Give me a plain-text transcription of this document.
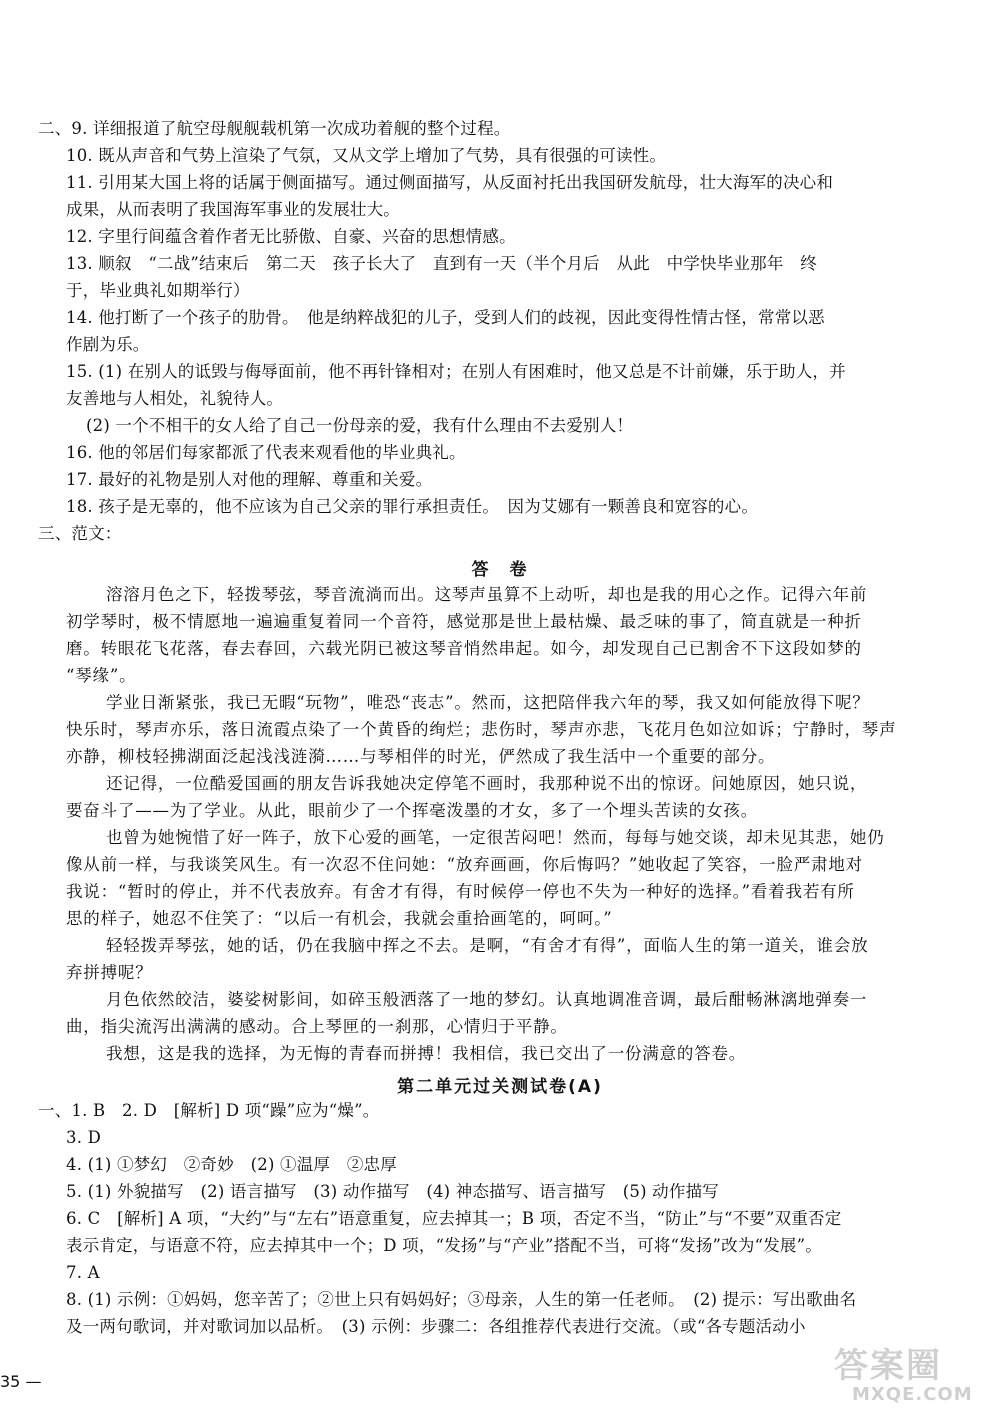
二、9. 详细报道了航空母舰舰载机第一次成功着舰的整个过程。
10. 既从声音和气势上渲染了气氛，又从文学上增加了气势，具有很强的可读性。
11. 引用某大国上将的话属于侧面描写。通过侧面描写，从反面衬托出我国研发航母，壮大海军的决心和
成果，从而表明了我国海军事业的发展壮大。
12. 字里行间蕴含着作者无比骄傲、自豪、兴奋的思想情感。
13. 顺叙　“二战”结束后　第二天　孩子长大了　直到有一天（半个月后　从此　中学快毕业那年　终
于，毕业典礼如期举行）
14. 他打断了一个孩子的肋骨。　他是纳粹战犯的儿子，受到人们的歧视，因此变得性情古怪，常常以恶
作剧为乐。
15. (1) 在别人的诋毁与侮辱面前，他不再针锋相对；在别人有困难时，他又总是不计前嫌，乐于助人，并
友善地与人相处，礼貌待人。
(2) 一个不相干的女人给了自己一份母亲的爱，我有什么理由不去爱别人！
16. 他的邻居们每家都派了代表来观看他的毕业典礼。
17. 最好的礼物是别人对他的理解、尊重和关爱。
18. 孩子是无辜的，他不应该为自己父亲的罪行承担责任。　因为艾娜有一颗善良和宽容的心。
三、范文：
答　卷
溶溶月色之下，轻拨琴弦，琴音流淌而出。这琴声虽算不上动听，却也是我的用心之作。记得六年前
初学琴时，极不情愿地一遍遍重复着同一个音符，感觉那是世上最枯燥、最乏味的事了，简直就是一种折
磨。转眼花飞花落，春去春回，六载光阴已被这琴音悄然串起。如今，却发现自己已割舍不下这段如梦的
“琴缘”。
学业日渐紧张，我已无暇“玩物”，唯恐“丧志”。然而，这把陪伴我六年的琴，我又如何能放得下呢？
快乐时，琴声亦乐，落日流霞点染了一个黄昏的绚烂；悲伤时，琴声亦悲，飞花月色如泣如诉；宁静时，琴声
亦静，柳枝轻拂湖面泛起浅浅涟漪……与琴相伴的时光，俨然成了我生活中一个重要的部分。
还记得，一位酷爱国画的朋友告诉我她决定停笔不画时，我那种说不出的惊讶。问她原因，她只说，
要奋斗了——为了学业。从此，眼前少了一个挥毫泼墨的才女，多了一个埋头苦读的女孩。
也曾为她惋惜了好一阵子，放下心爱的画笔，一定很苦闷吧！然而，每每与她交谈，却未见其悲，她仍
像从前一样，与我谈笑风生。有一次忍不住问她：“放弃画画，你后悔吗？”她收起了笑容，一脸严肃地对
我说：“暂时的停止，并不代表放弃。有舍才有得，有时候停一停也不失为一种好的选择。”看着我若有所
思的样子，她忍不住笑了：“以后一有机会，我就会重拾画笔的，呵呵。”
轻轻拨弄琴弦，她的话，仍在我脑中挥之不去。是啊，“有舍才有得”，面临人生的第一道关，谁会放
弃拼搏呢？
月色依然皎洁，婆娑树影间，如碎玉般洒落了一地的梦幻。认真地调准音调，最后酣畅淋漓地弹奏一
曲，指尖流泻出满满的感动。合上琴匣的一刹那，心情归于平静。
我想，这是我的选择，为无悔的青春而拼搏！我相信，我已交出了一份满意的答卷。
第二单元过关测试卷(A)
一、1. B　2. D　[解析] D 项“躁”应为“燥”。
3. D
4. (1) ①梦幻　②奇妙　(2) ①温厚　②忠厚
5. (1) 外貌描写　(2) 语言描写　(3) 动作描写　(4) 神态描写、语言描写　(5) 动作描写
6. C　[解析] A 项，“大约”与“左右”语意重复，应去掉其一；B 项，否定不当，“防止”与“不要”双重否定
表示肯定，与语意不符，应去掉其中一个；D 项，“发扬”与“产业”搭配不当，可将“发扬”改为“发展”。
7. A
8. (1) 示例：①妈妈，您辛苦了；②世上只有妈妈好；③母亲，人生的第一任老师。　(2) 提示：写出歌曲名
及一两句歌词，并对歌词加以品析。　(3) 示例：步骤二：各组推荐代表进行交流。（或“各专题活动小
35 —	答案圈
MXQE.COM
